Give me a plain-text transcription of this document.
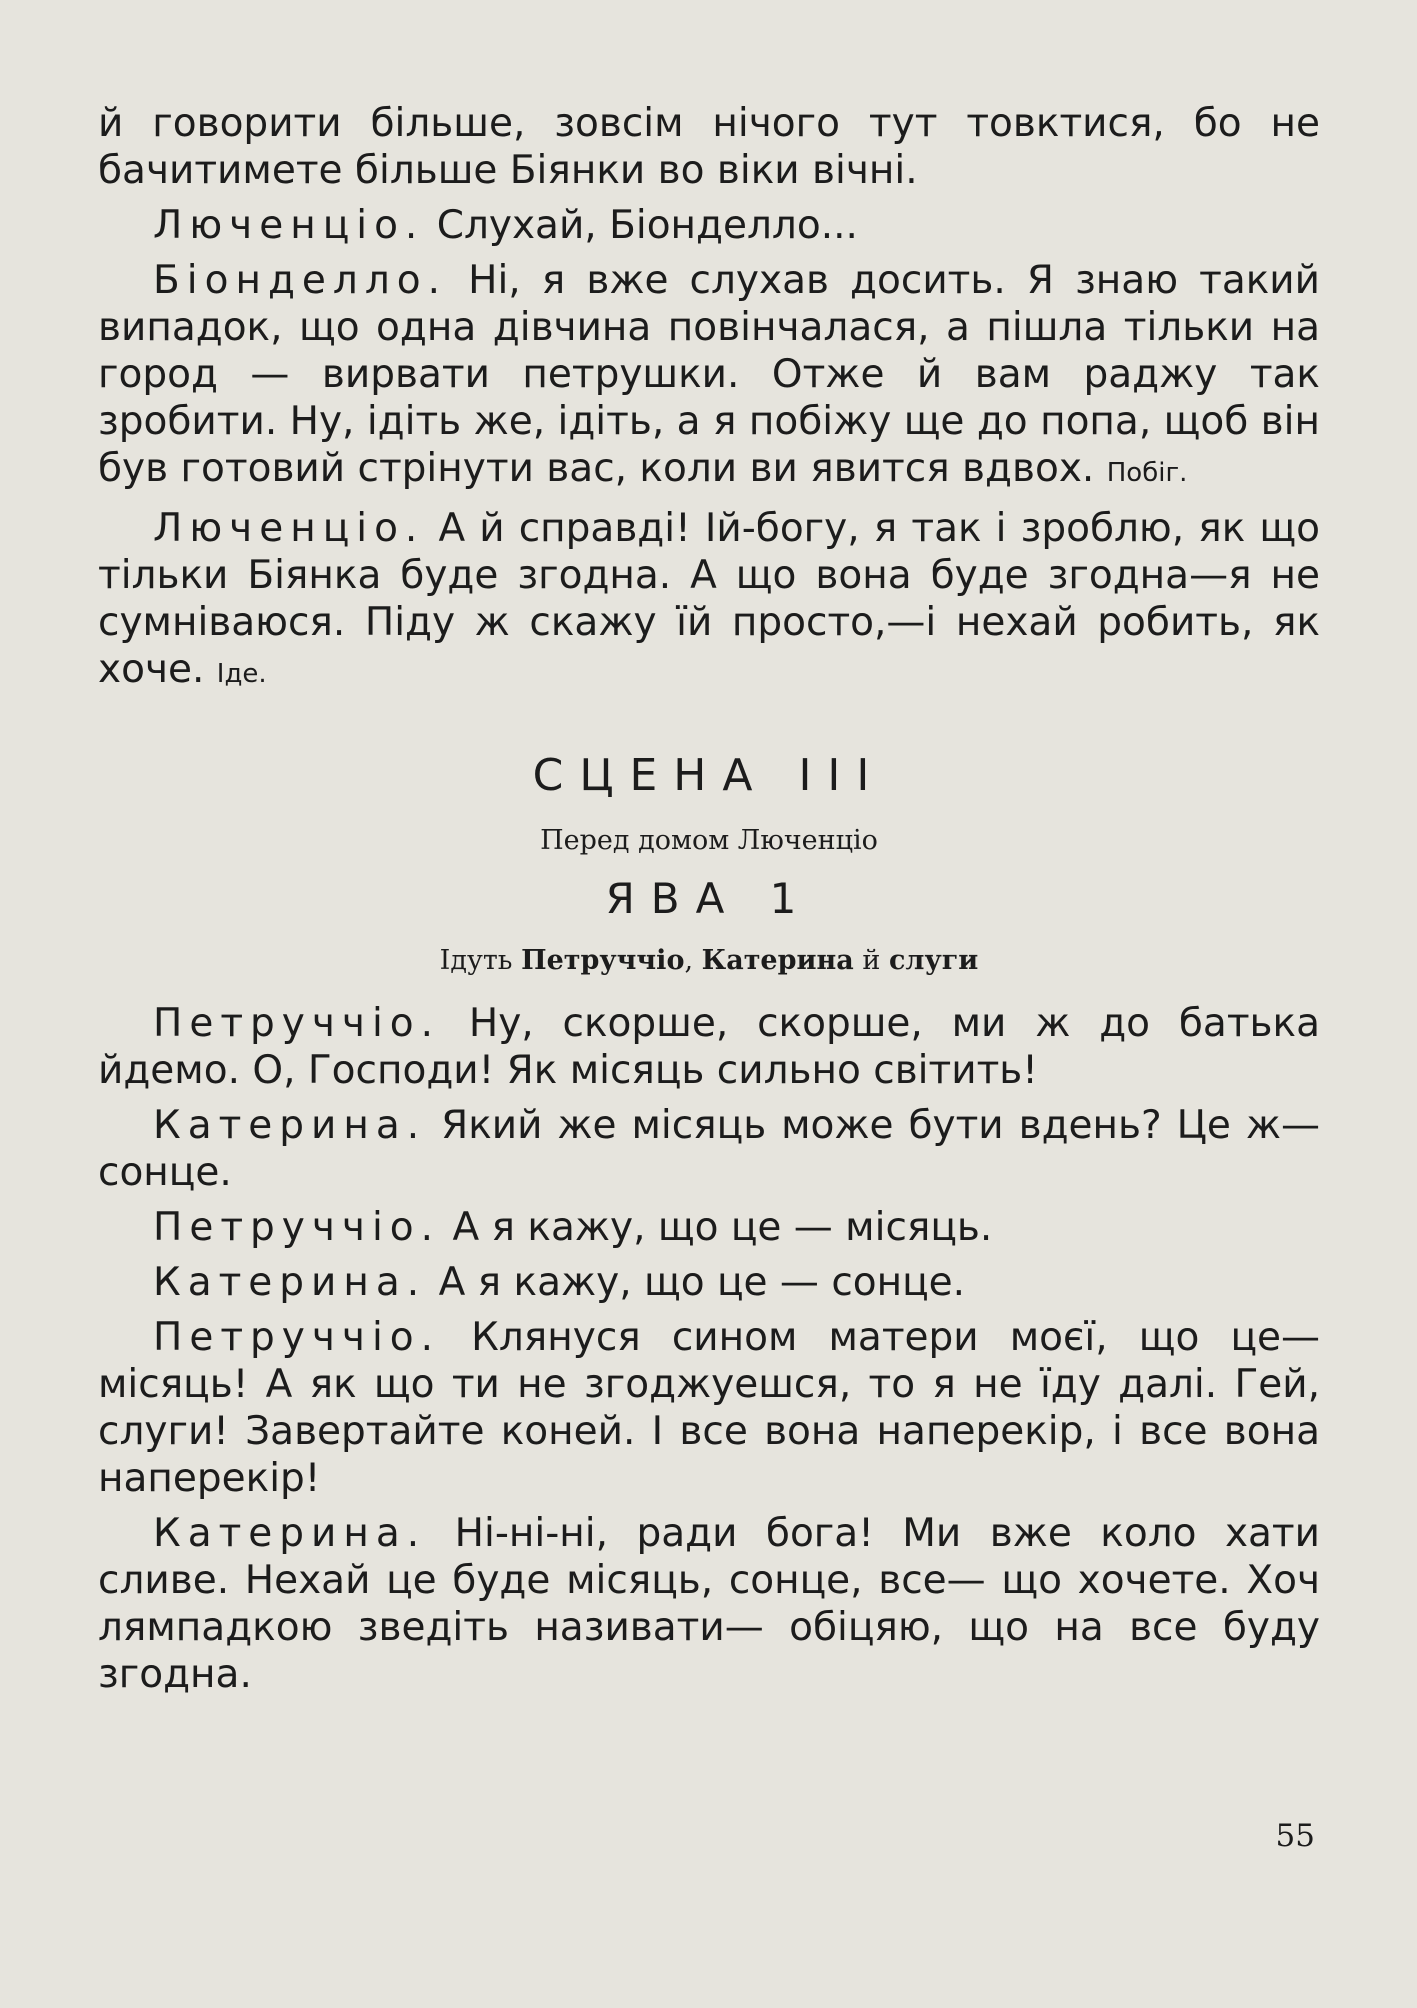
й говорити більше, зовсім нічого тут товктися, бо не бачитимете більше Біянки во віки вічні.

Люченціо. Слухай, Біонделло...

Біонделло. Ні, я вже слухав досить. Я знаю такий випадок, що одна дівчина повінчалася, а пішла тільки на город — вирвати петрушки. Отже й вам раджу так зробити. Ну, ідіть же, ідіть, а я побіжу ще до попа, щоб він був готовий стрінути вас, коли ви явится вдвох. Побіг.

Люченціо. А й справді! Ій-богу, я так і зроблю, як що тільки Біянка буде згодна. А що вона буде згодна—я не сумніваюся. Піду ж скажу їй просто,—і нехай робить, як хоче. Іде.

СЦЕНА III
Перед домом Люченціо
ЯВА 1
Ідуть Петруччіо, Катерина й слуги

Петруччіо. Ну, скорше, скорше, ми ж до батька йдемо. О, Господи! Як місяць сильно світить!

Катерина. Який же місяць може бути вдень? Це ж—сонце.

Петруччіо. А я кажу, що це — місяць.

Катерина. А я кажу, що це — сонце.

Петруччіо. Клянуся сином матери моєї, що це—місяць! А як що ти не згоджуешся, то я не їду далі. Гей, слуги! Завертайте коней. І все вона наперекір, і все вона наперекір!

Катерина. Ні-ні-ні, ради бога! Ми вже коло хати сливе. Нехай це буде місяць, сонце, все— що хочете. Хоч лямпадкою зведіть називати— обіцяю, що на все буду згодна.

55
